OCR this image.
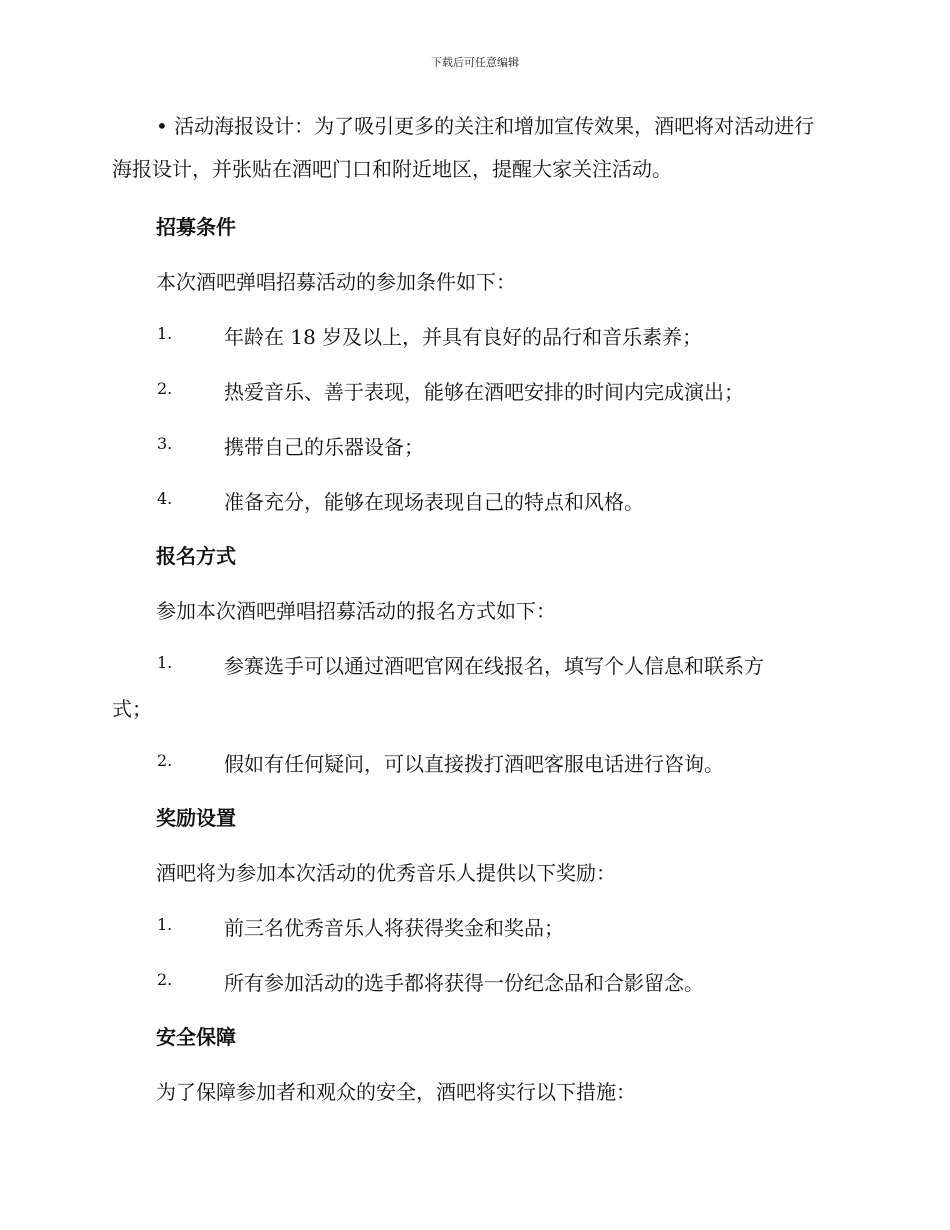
下载后可任意编辑

• 活动海报设计：为了吸引更多的关注和增加宣传效果，酒吧将对活动进行海报设计，并张贴在酒吧门口和附近地区，提醒大家关注活动。

招募条件
本次酒吧弹唱招募活动的参加条件如下：
1.	年龄在 18 岁及以上，并具有良好的品行和音乐素养；
2.	热爱音乐、善于表现，能够在酒吧安排的时间内完成演出；
3.	携带自己的乐器设备；
4.	准备充分，能够在现场表现自己的特点和风格。
报名方式
参加本次酒吧弹唱招募活动的报名方式如下：
1.	参赛选手可以通过酒吧官网在线报名，填写个人信息和联系方
式；
2.	假如有任何疑问，可以直接拨打酒吧客服电话进行咨询。
奖励设置
酒吧将为参加本次活动的优秀音乐人提供以下奖励：
1.	前三名优秀音乐人将获得奖金和奖品；
2.	所有参加活动的选手都将获得一份纪念品和合影留念。
安全保障
为了保障参加者和观众的安全，酒吧将实行以下措施：
